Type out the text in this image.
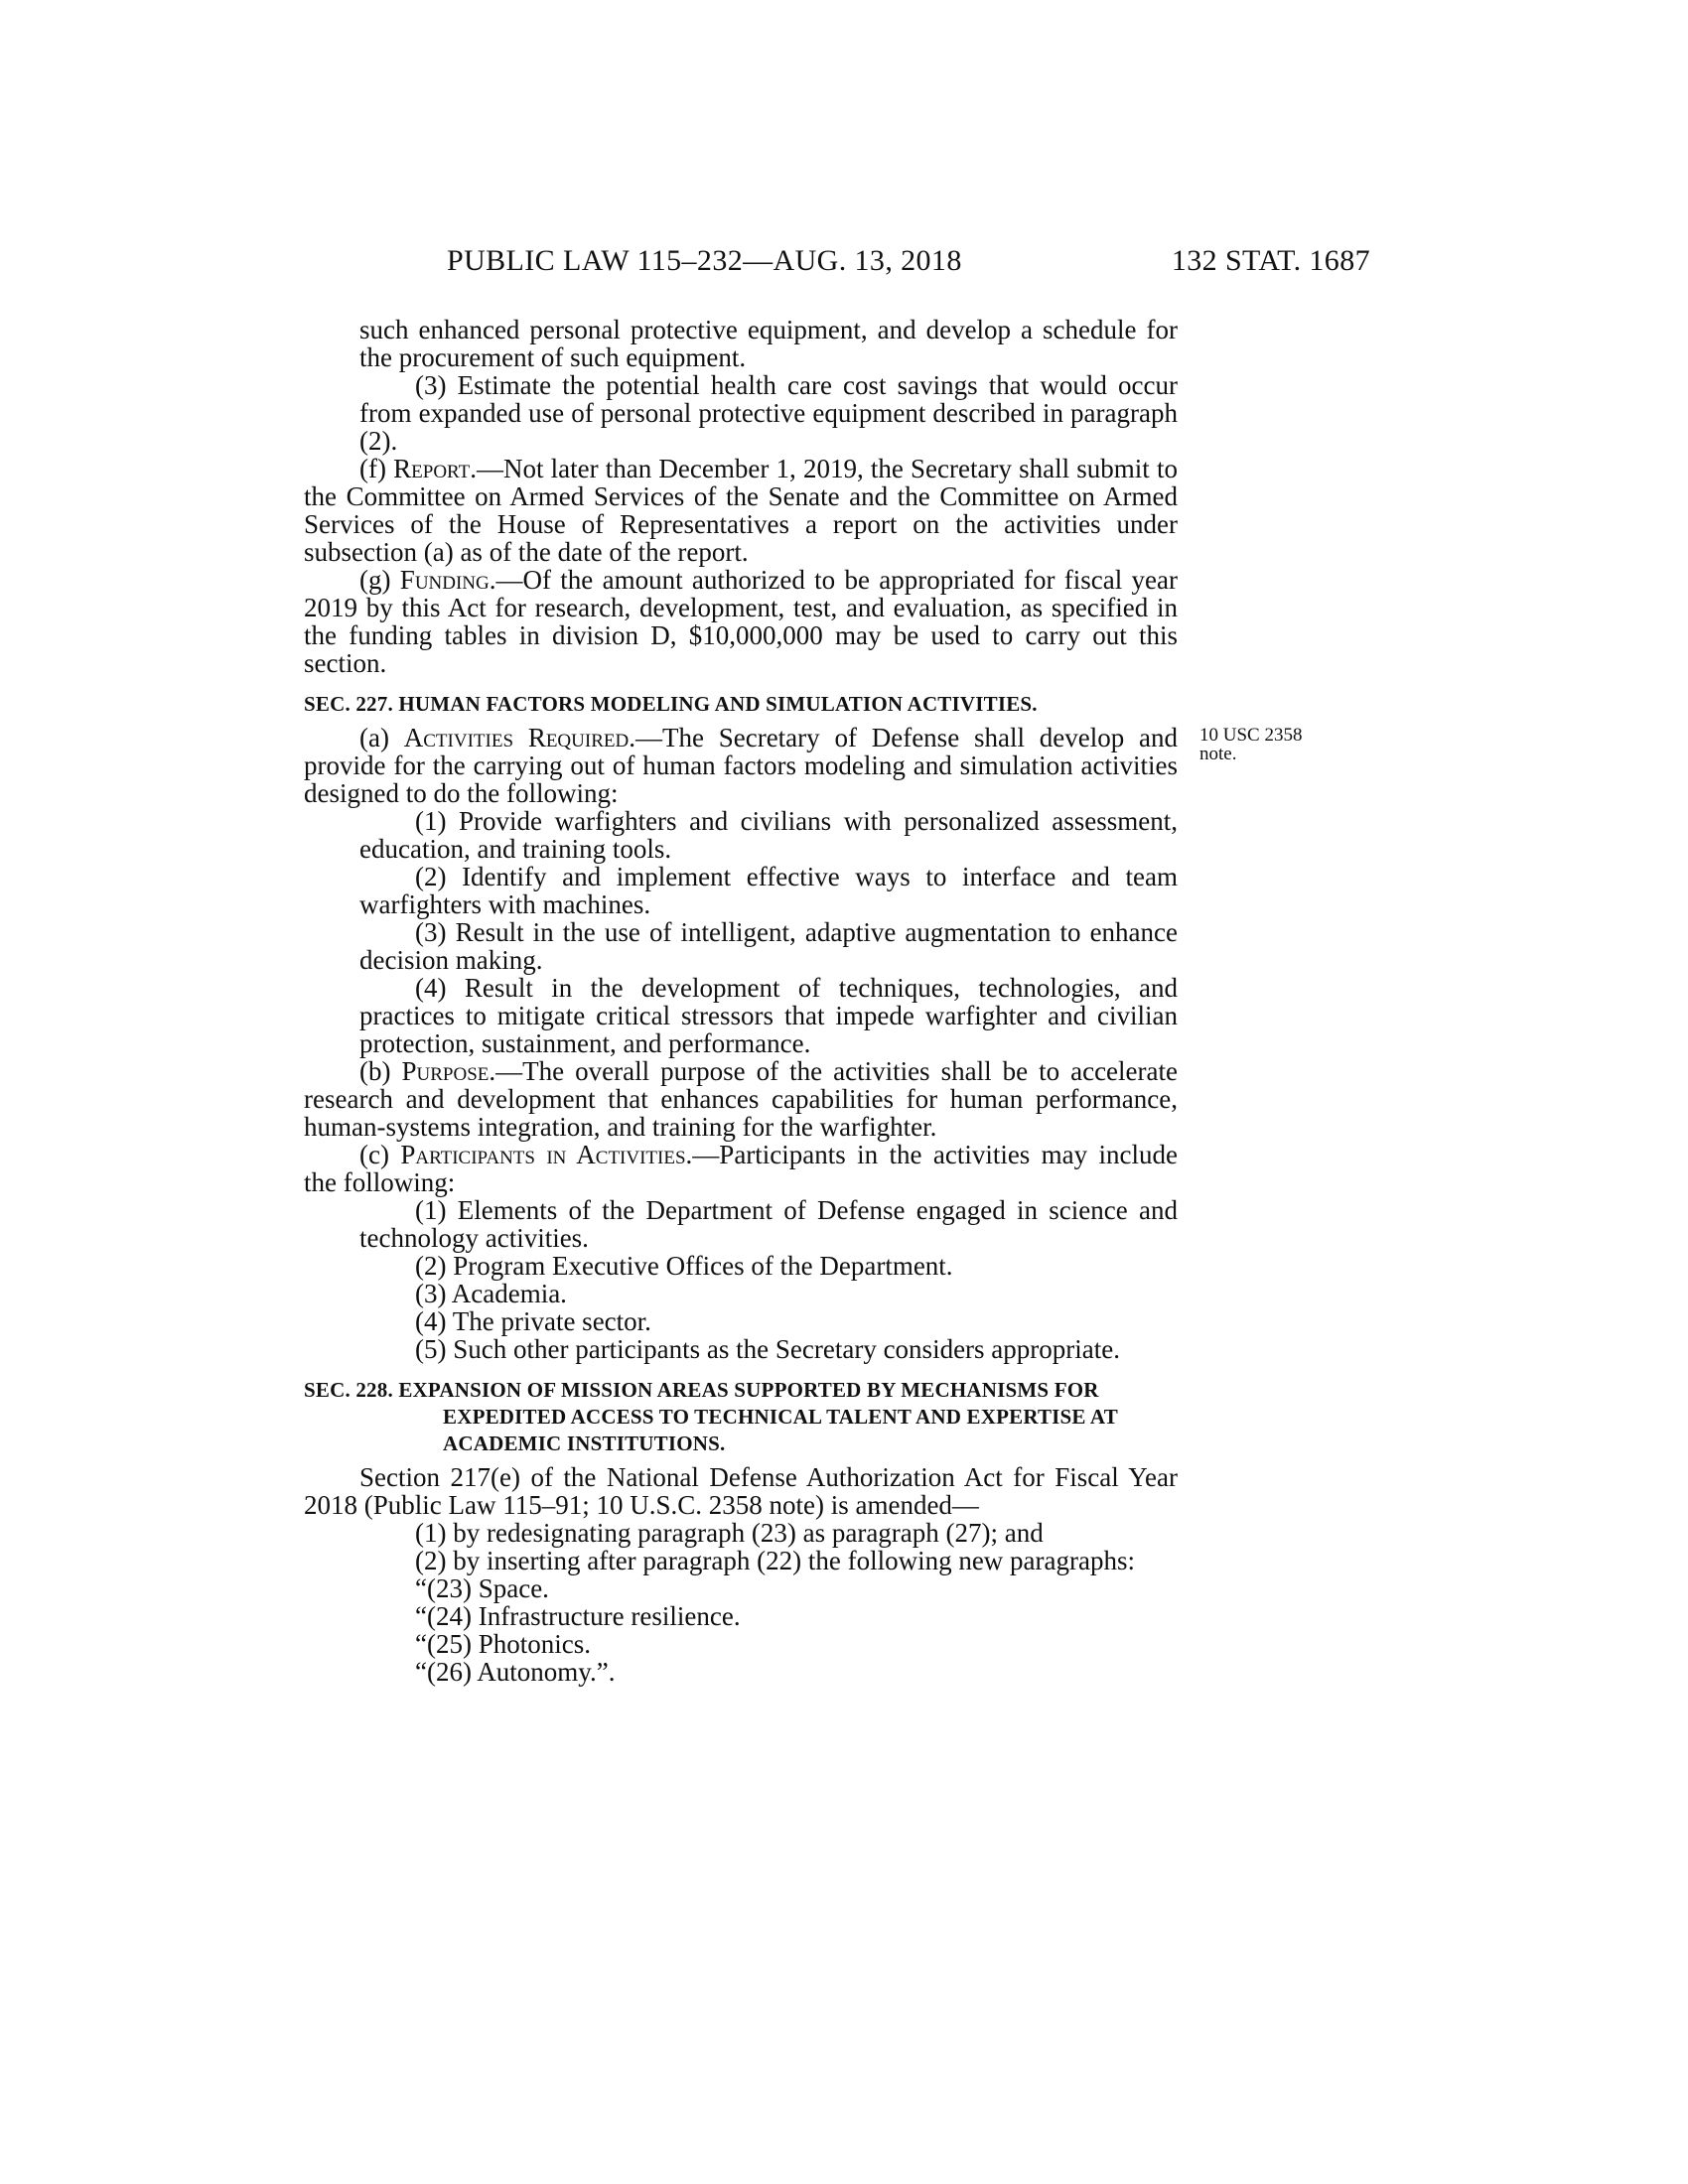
PUBLIC LAW 115–232—AUG. 13, 2018	132 STAT. 1687
10 USC 2358
note.

such enhanced personal protective equipment, and develop a schedule for the procurement of such equipment.

(3) Estimate the potential health care cost savings that would occur from expanded use of personal protective equipment described in paragraph (2).

(f) Report.—Not later than December 1, 2019, the Secretary shall submit to the Committee on Armed Services of the Senate and the Committee on Armed Services of the House of Representatives a report on the activities under subsection (a) as of the date of the report.

(g) Funding.—Of the amount authorized to be appropriated for fiscal year 2019 by this Act for research, development, test, and evaluation, as specified in the funding tables in division D, $10,000,000 may be used to carry out this section.

SEC. 227. HUMAN FACTORS MODELING AND SIMULATION ACTIVITIES.

(a) Activities Required.—The Secretary of Defense shall develop and provide for the carrying out of human factors modeling and simulation activities designed to do the following:

(1) Provide warfighters and civilians with personalized assessment, education, and training tools.

(2) Identify and implement effective ways to interface and team warfighters with machines.

(3) Result in the use of intelligent, adaptive augmentation to enhance decision making.

(4) Result in the development of techniques, technologies, and practices to mitigate critical stressors that impede warfighter and civilian protection, sustainment, and performance.

(b) Purpose.—The overall purpose of the activities shall be to accelerate research and development that enhances capabilities for human performance, human-systems integration, and training for the warfighter.

(c) Participants in Activities.—Participants in the activities may include the following:

(1) Elements of the Department of Defense engaged in science and technology activities.

(2) Program Executive Offices of the Department.

(3) Academia.

(4) The private sector.

(5) Such other participants as the Secretary considers appropriate.

SEC. 228. EXPANSION OF MISSION AREAS SUPPORTED BY MECHANISMS FOR EXPEDITED ACCESS TO TECHNICAL TALENT AND EXPERTISE AT ACADEMIC INSTITUTIONS.

Section 217(e) of the National Defense Authorization Act for Fiscal Year 2018 (Public Law 115–91; 10 U.S.C. 2358 note) is amended—

(1) by redesignating paragraph (23) as paragraph (27); and

(2) by inserting after paragraph (22) the following new paragraphs:

“(23) Space.

“(24) Infrastructure resilience.

“(25) Photonics.

“(26) Autonomy.”.
